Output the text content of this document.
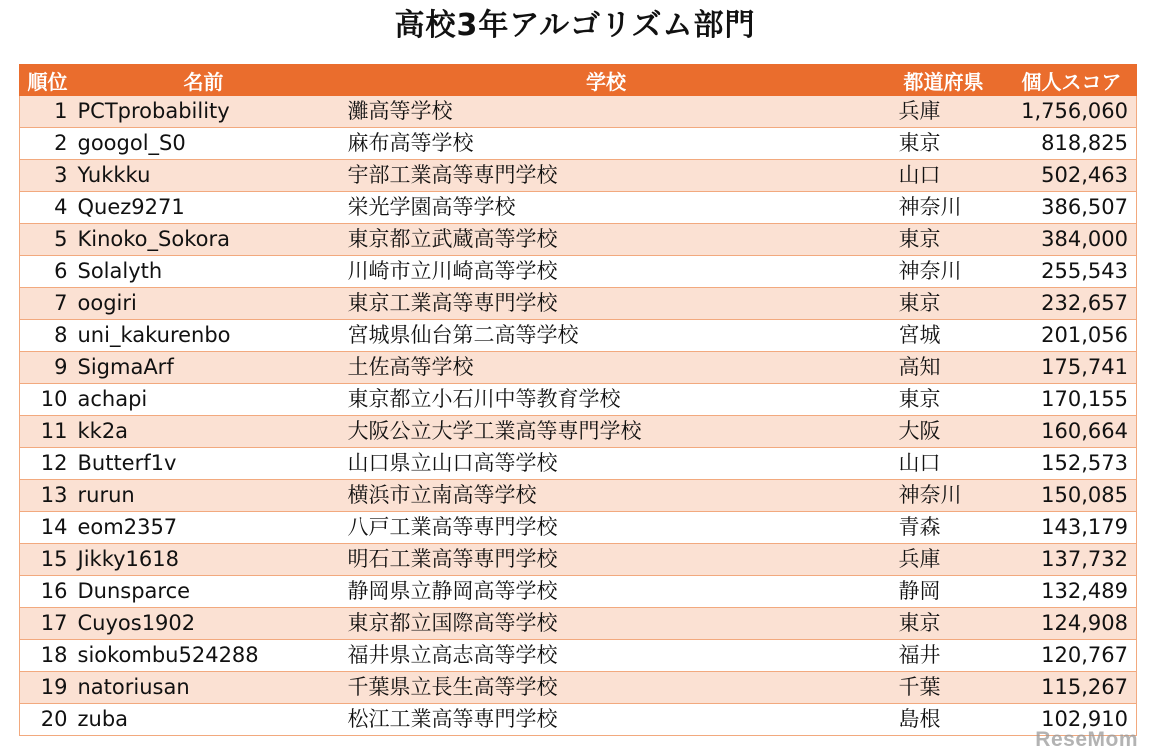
高校3年アルゴリズム部門
順位	名前	学校	都道府県	個人スコア
1	PCTprobability	灘高等学校	兵庫	1,756,060
2	googol_S0	麻布高等学校	東京	818,825
3	Yukkku	宇部工業高等専門学校	山口	502,463
4	Quez9271	栄光学園高等学校	神奈川	386,507
5	Kinoko_Sokora	東京都立武蔵高等学校	東京	384,000
6	Solalyth	川崎市立川崎高等学校	神奈川	255,543
7	oogiri	東京工業高等専門学校	東京	232,657
8	uni_kakurenbo	宮城県仙台第二高等学校	宮城	201,056
9	SigmaArf	土佐高等学校	高知	175,741
10	achapi	東京都立小石川中等教育学校	東京	170,155
11	kk2a	大阪公立大学工業高等専門学校	大阪	160,664
12	Butterf1v	山口県立山口高等学校	山口	152,573
13	rurun	横浜市立南高等学校	神奈川	150,085
14	eom2357	八戸工業高等専門学校	青森	143,179
15	Jikky1618	明石工業高等専門学校	兵庫	137,732
16	Dunsparce	静岡県立静岡高等学校	静岡	132,489
17	Cuyos1902	東京都立国際高等学校	東京	124,908
18	siokombu524288	福井県立高志高等学校	福井	120,767
19	natoriusan	千葉県立長生高等学校	千葉	115,267
20	zuba	松江工業高等専門学校	島根	102,910
ReseMom
